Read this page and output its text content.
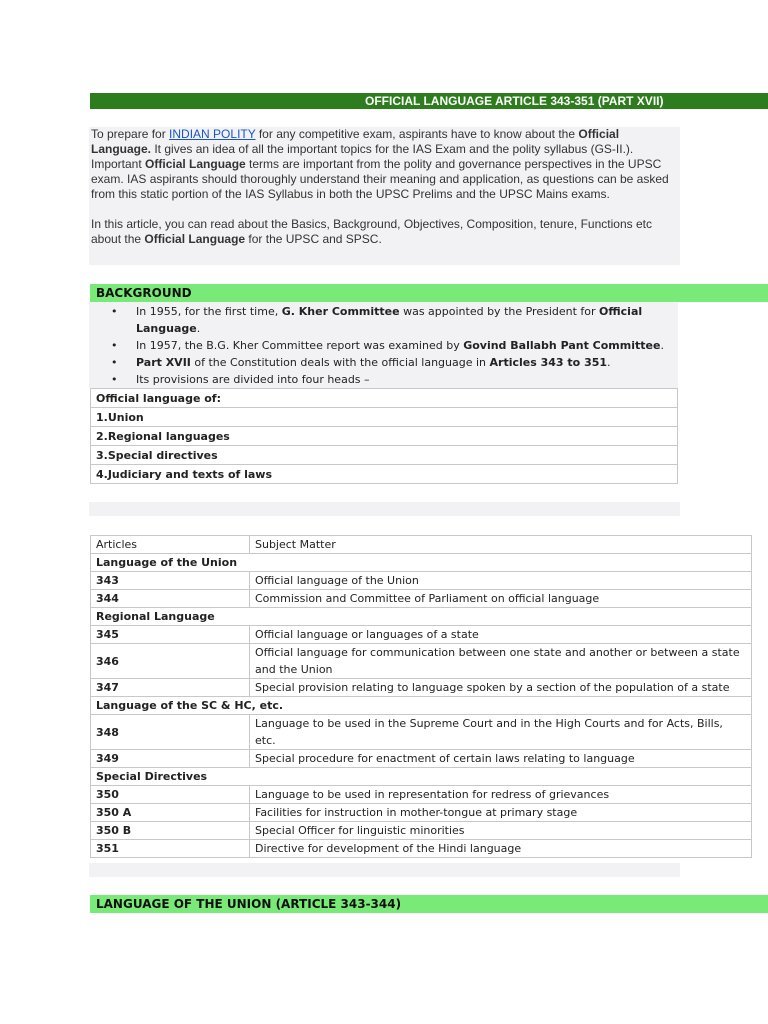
OFFICIAL LANGUAGE ARTICLE 343-351 (PART XVII)

To prepare for INDIAN POLITY for any competitive exam, aspirants have to know about the Official Language. It gives an idea of all the important topics for the IAS Exam and the polity syllabus (GS-II.). Important Official Language terms are important from the polity and governance perspectives in the UPSC exam. IAS aspirants should thoroughly understand their meaning and application, as questions can be asked from this static portion of the IAS Syllabus in both the UPSC Prelims and the UPSC Mains exams.

In this article, you can read about the Basics, Background, Objectives, Composition, tenure, Functions etc about the Official Language for the UPSC and SPSC.

BACKGROUND
• In 1955, for the first time, G. Kher Committee was appointed by the President for Official Language.
• In 1957, the B.G. Kher Committee report was examined by Govind Ballabh Pant Committee.
• Part XVII of the Constitution deals with the official language in Articles 343 to 351.
• Its provisions are divided into four heads –
Official language of:
1.Union
2.Regional languages
3.Special directives
4.Judiciary and texts of laws
Articles	Subject Matter
Language of the Union	
343	Official language of the Union
344	Commission and Committee of Parliament on official language
Regional Language	
345	Official language or languages of a state
346	Official language for communication between one state and another or between a state and the Union
347	Special provision relating to language spoken by a section of the population of a state
Language of the SC & HC, etc.	
348	Language to be used in the Supreme Court and in the High Courts and for Acts, Bills, etc.
349	Special procedure for enactment of certain laws relating to language
Special Directives	
350	Language to be used in representation for redress of grievances
350 A	Facilities for instruction in mother-tongue at primary stage
350 B	Special Officer for linguistic minorities
351	Directive for development of the Hindi language
LANGUAGE OF THE UNION (ARTICLE 343-344)
